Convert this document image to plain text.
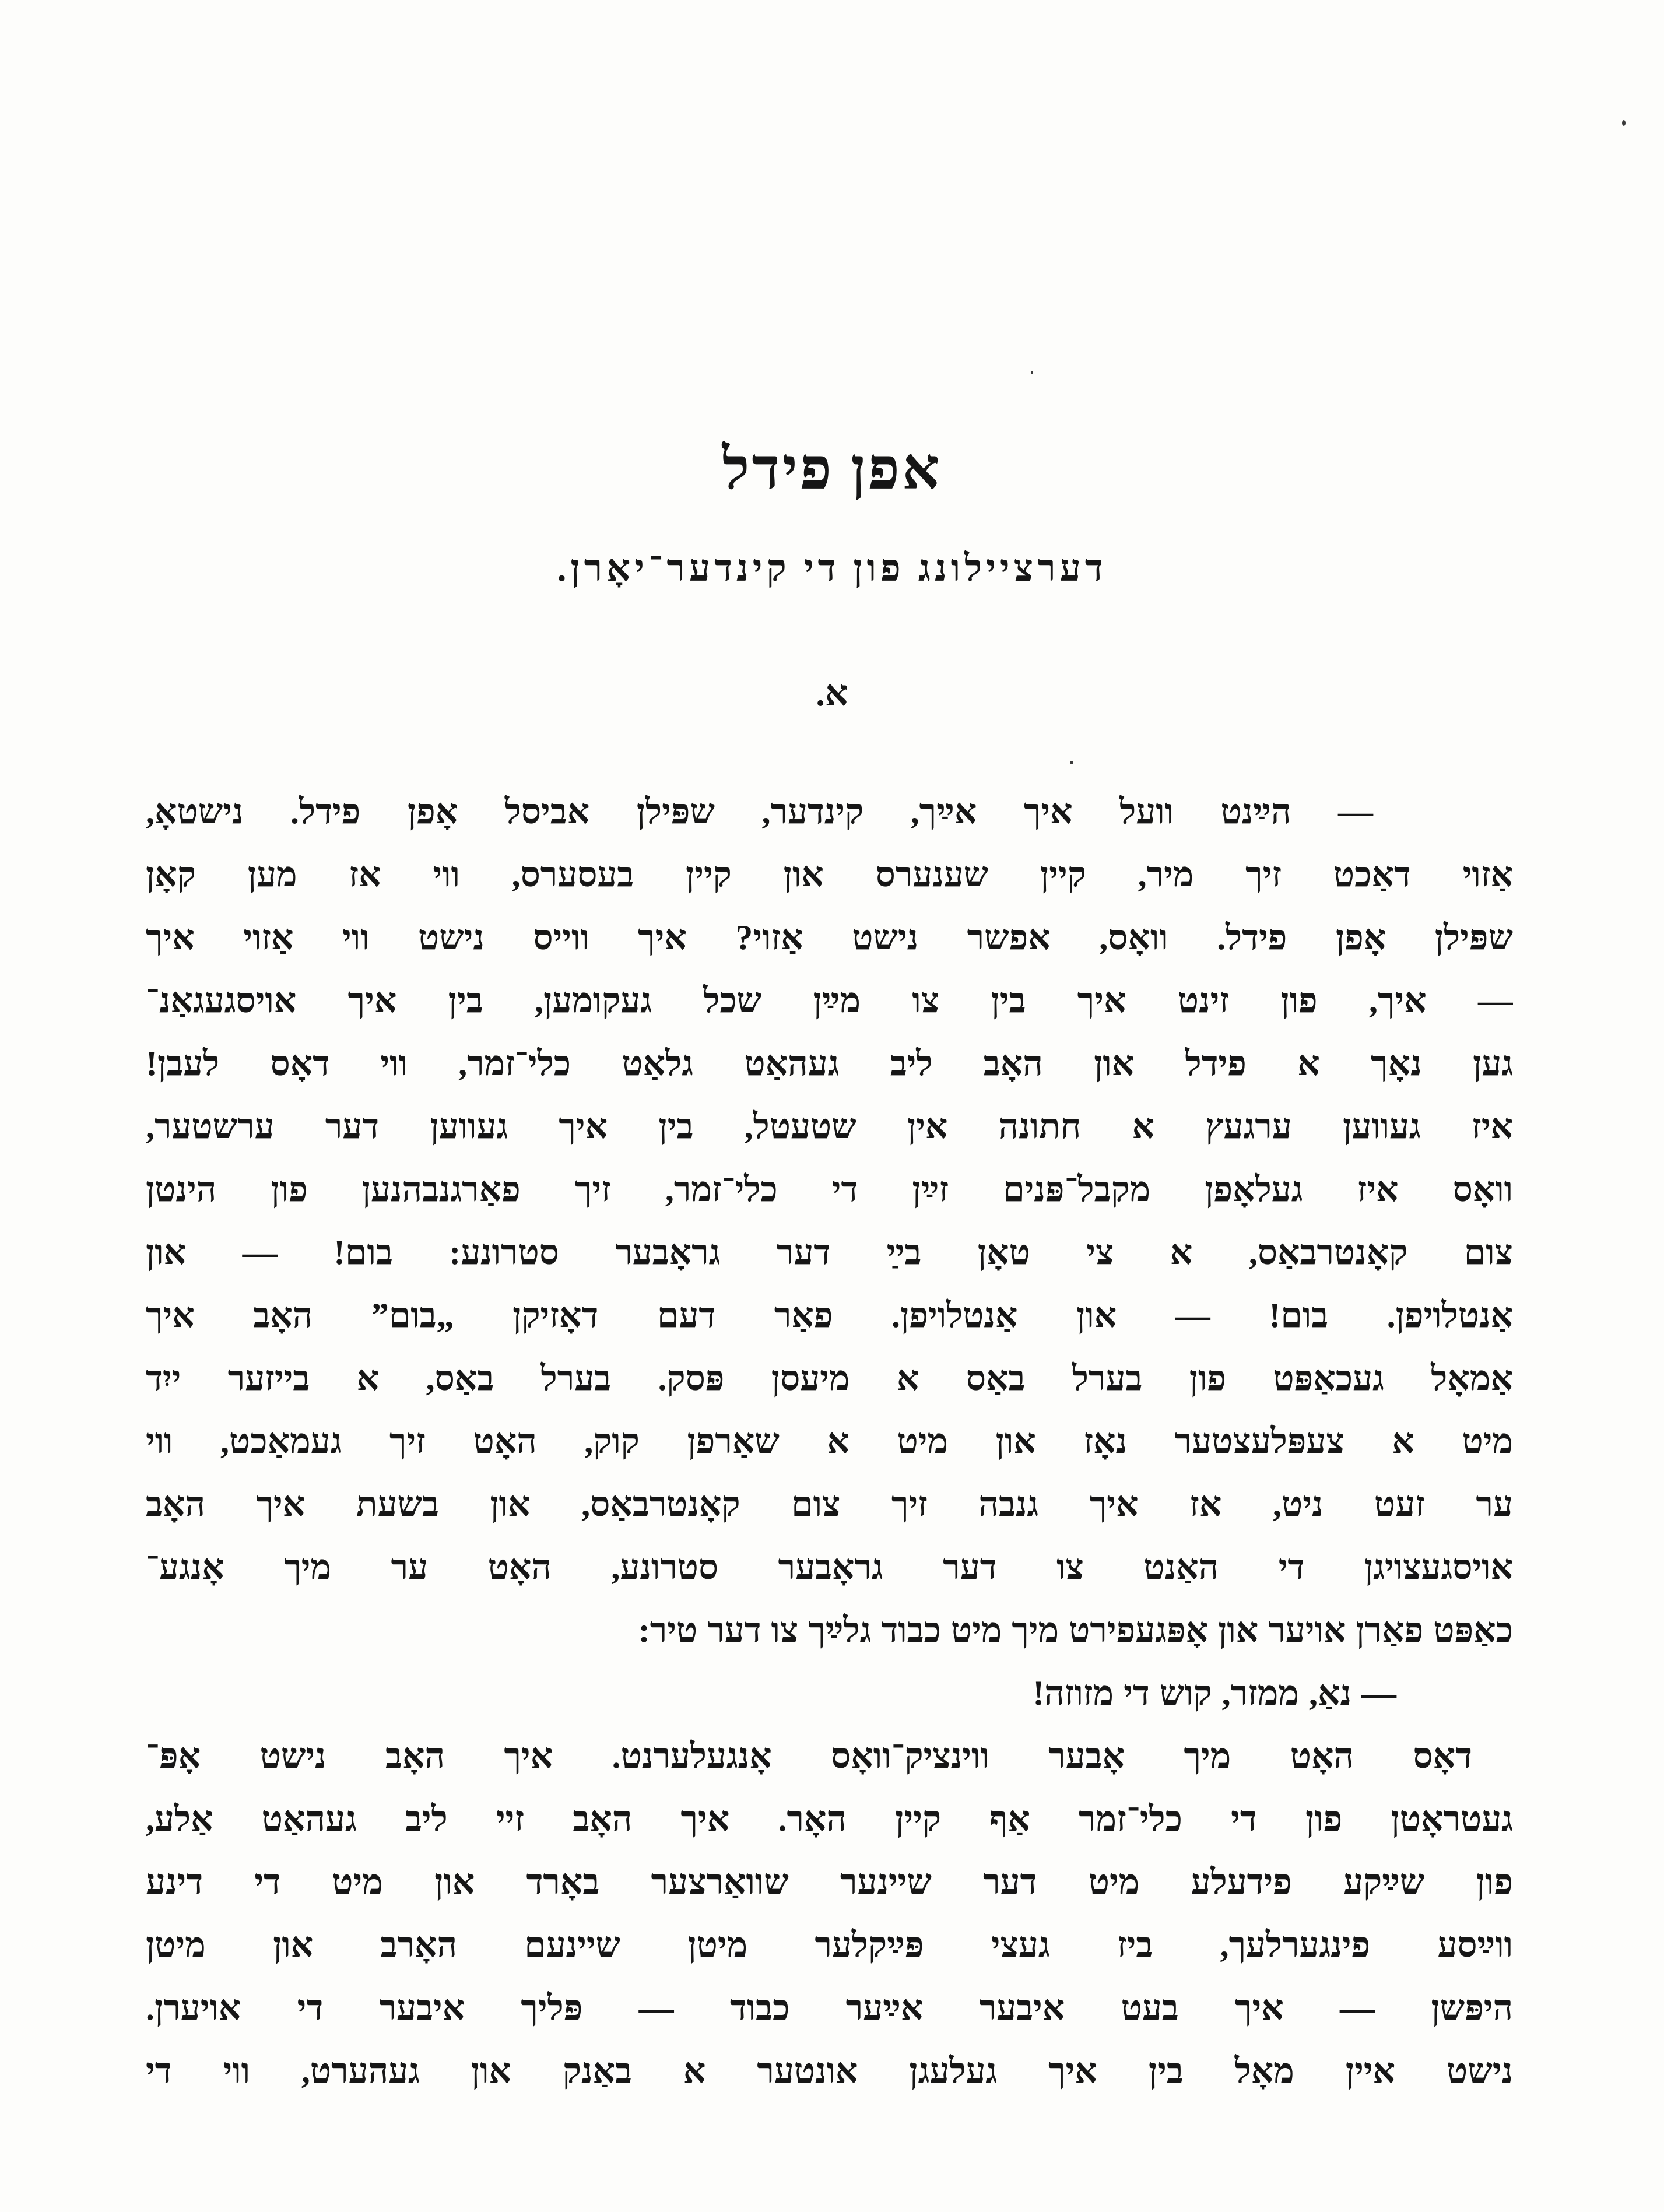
אפן פידל
דערציילונג פון די קינדער־יאָרן.
א.
— הײַנט וועל איך אײַך, קינדער, שפּילן אביסל אָפן פידל. נישטאָ,
אַזוי דאַכט זיך מיר, קיין שענערס און קיין בעסערס, ווי אז מען קאָן
שפּילן אָפן פידל. וואָס, אפשר נישט אַזוי? איך ווייס נישט ווי אַזוי איך
— איך, פון זינט איך בין צו מײַן שכל געקומען, בין איך אויסגעגאַנ־
גען נאָך א פידל און האָב ליב געהאַט גלאַט כלי־זמר, ווי דאָס לעבן!
איז געווען ערגעץ א חתונה אין שטעטל, בין איך געווען דער ערשטער,
וואָס איז געלאָפן מקבל־פּנים זײַן די כלי־זמר, זיך פאַרגנבהנען פון הינטן
צום קאָנטרבאַס, א צי טאָן בײַ דער גראָבער סטרונע: בום! — און
אַנטלויפן. בום! — און אַנטלויפן. פאַר דעם דאָזיקן „בום” האָב איך
אַמאָל געכאַפּט פון בערל באַס א מיעסן פּסק. בערל באַס, א בייזער ייִד
מיט א צעפּלעצטער נאָז און מיט א שאַרפן קוק, האָט זיך געמאַכט, ווי
ער זעט ניט, אז איך גנבה זיך צום קאָנטרבאַס, און בשעת איך האָב
אויסגעצויגן די האַנט צו דער גראָבער סטרונע, האָט ער מיך אָנגע־
כאַפּט פאַרן אויער און אָפּגעפירט מיך מיט כבוד גלײַך צו דער טיר:
— נאַ, ממזר, קוש די מזוזה!
דאָס האָט מיך אָבער ווינציק־וואָס אָנגעלערנט. איך האָב נישט אָפּ־
געטראָטן פון די כלי־זמר אַף קיין האָר. איך האָב זיי ליב געהאַט אַלע,
פון שײַקע פידעלע מיט דער שיינער שוואַרצער באָרד און מיט די דינע
ווײַסע פינגערלעך, ביז געצי פּײַקלער מיטן שיינעם האָרב און מיטן
היפּשן — איך בעט איבער אײַער כבוד — פּליך איבער די אויערן.
נישט איין מאָל בין איך געלעגן אונטער א באַנק און געהערט, ווי די
